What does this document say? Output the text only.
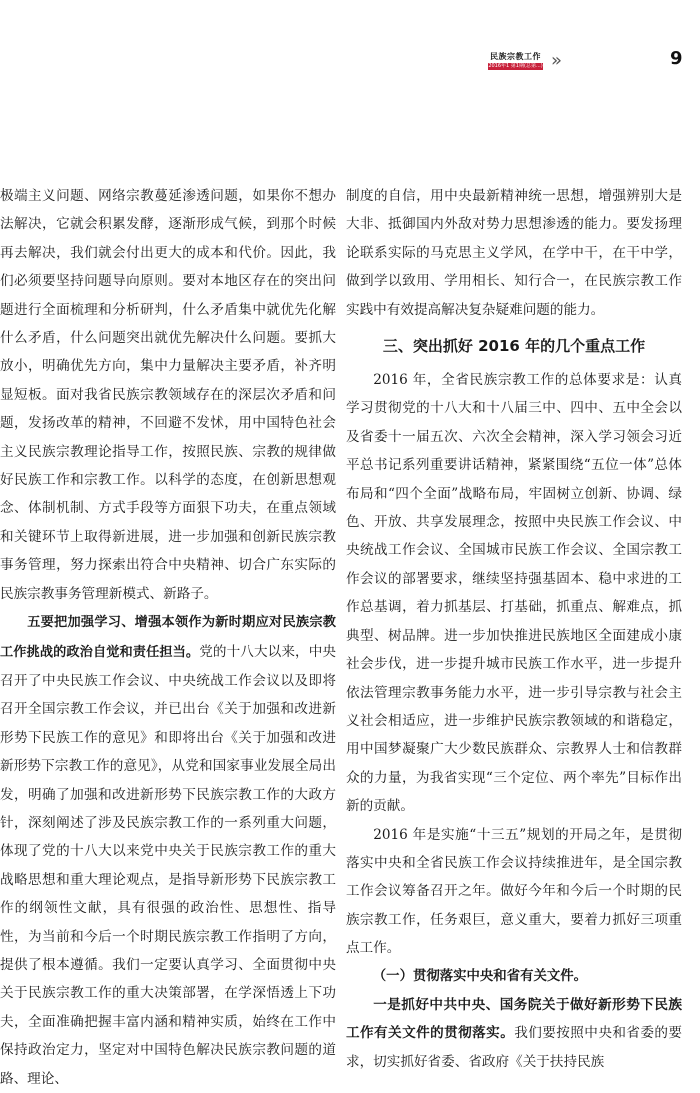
民族宗教工作
2016年1 第1期(总第...) »	9

极端主义问题、网络宗教蔓延渗透问题，如果你不想办法解决，它就会积累发酵，逐渐形成气候，到那个时候再去解决，我们就会付出更大的成本和代价。因此，我们必须要坚持问题导向原则。要对本地区存在的突出问题进行全面梳理和分析研判，什么矛盾集中就优先化解什么矛盾，什么问题突出就优先解决什么问题。要抓大放小，明确优先方向，集中力量解决主要矛盾，补齐明显短板。面对我省民族宗教领域存在的深层次矛盾和问题，发扬改革的精神，不回避不发怵，用中国特色社会主义民族宗教理论指导工作，按照民族、宗教的规律做好民族工作和宗教工作。以科学的态度，在创新思想观念、体制机制、方式手段等方面狠下功夫，在重点领域和关键环节上取得新进展，进一步加强和创新民族宗教事务管理，努力探索出符合中央精神、切合广东实际的民族宗教事务管理新模式、新路子。

五要把加强学习、增强本领作为新时期应对民族宗教工作挑战的政治自觉和责任担当。党的十八大以来，中央召开了中央民族工作会议、中央统战工作会议以及即将召开全国宗教工作会议，并已出台《关于加强和改进新形势下民族工作的意见》和即将出台《关于加强和改进新形势下宗教工作的意见》，从党和国家事业发展全局出发，明确了加强和改进新形势下民族宗教工作的大政方针，深刻阐述了涉及民族宗教工作的一系列重大问题，体现了党的十八大以来党中央关于民族宗教工作的重大战略思想和重大理论观点，是指导新形势下民族宗教工作的纲领性文献，具有很强的政治性、思想性、指导性，为当前和今后一个时期民族宗教工作指明了方向，提供了根本遵循。我们一定要认真学习、全面贯彻中央关于民族宗教工作的重大决策部署，在学深悟透上下功夫，全面准确把握丰富内涵和精神实质，始终在工作中保持政治定力，坚定对中国特色解决民族宗教问题的道路、理论、

制度的自信，用中央最新精神统一思想，增强辨别大是大非、抵御国内外敌对势力思想渗透的能力。要发扬理论联系实际的马克思主义学风，在学中干，在干中学，做到学以致用、学用相长、知行合一，在民族宗教工作实践中有效提高解决复杂疑难问题的能力。

三、突出抓好 2016 年的几个重点工作

2016 年，全省民族宗教工作的总体要求是：认真学习贯彻党的十八大和十八届三中、四中、五中全会以及省委十一届五次、六次全会精神，深入学习领会习近平总书记系列重要讲话精神，紧紧围绕“五位一体”总体布局和“四个全面”战略布局，牢固树立创新、协调、绿色、开放、共享发展理念，按照中央民族工作会议、中央统战工作会议、全国城市民族工作会议、全国宗教工作会议的部署要求，继续坚持强基固本、稳中求进的工作总基调，着力抓基层、打基础，抓重点、解难点，抓典型、树品牌。进一步加快推进民族地区全面建成小康社会步伐，进一步提升城市民族工作水平，进一步提升依法管理宗教事务能力水平，进一步引导宗教与社会主义社会相适应，进一步维护民族宗教领域的和谐稳定，用中国梦凝聚广大少数民族群众、宗教界人士和信教群众的力量，为我省实现“三个定位、两个率先”目标作出新的贡献。

2016 年是实施“十三五”规划的开局之年，是贯彻落实中央和全省民族工作会议持续推进年，是全国宗教工作会议筹备召开之年。做好今年和今后一个时期的民族宗教工作，任务艰巨，意义重大，要着力抓好三项重点工作。

（一）贯彻落实中央和省有关文件。

一是抓好中共中央、国务院关于做好新形势下民族工作有关文件的贯彻落实。我们要按照中央和省委的要求，切实抓好省委、省政府《关于扶持民族
